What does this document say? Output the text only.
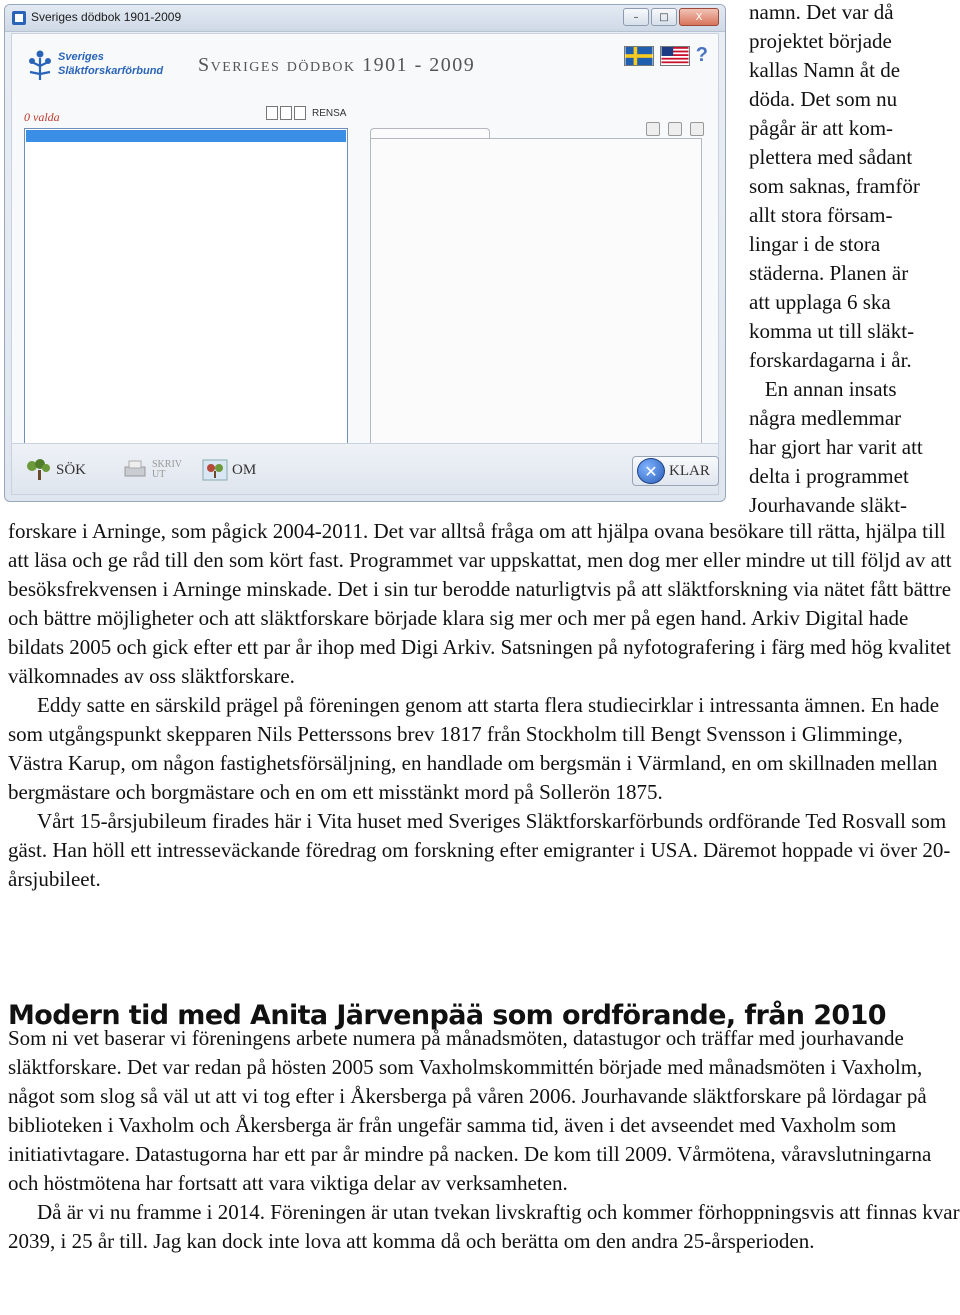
Sveriges dödbok 1901-2009	–	□	X
Sveriges
Släktforskarförbund Sveriges dödbok 1901 - 2009	?
0 valda	RENSA
SÖK	SKRIV
UT	OM	✕ KLAR

namn. Det var då

projektet började

kallas Namn åt de

döda. Det som nu

pågår är att kom-

plettera med sådant

som saknas, framför

allt stora försam-

lingar i de stora

städerna. Planen är

att upplaga 6 ska

komma ut till släkt-

forskardagarna i år.

En annan insats

några medlemmar

har gjort har varit att

delta i programmet

Jourhavande släkt-

forskare i Arninge, som pågick 2004-2011. Det var alltså fråga om att hjälpa ovana besökare till rätta, hjälpa till att läsa och ge råd till den som kört fast. Programmet var uppskattat, men dog mer eller mindre ut till följd av att besöksfrekvensen i Arninge minskade. Det i sin tur berodde naturligtvis på att släktforskning via nätet fått bättre och bättre möjligheter och att släktforskare började klara sig mer och mer på egen hand. Arkiv Digital hade bildats 2005 och gick efter ett par år ihop med Digi Arkiv. Satsningen på nyfotografering i färg med hög kvalitet välkomnades av oss släktforskare.

Eddy satte en särskild prägel på föreningen genom att starta flera studiecirklar i intressanta ämnen. En hade som utgångspunkt skepparen Nils Petterssons brev 1817 från Stockholm till Bengt Svensson i Glimminge, Västra Karup, om någon fastighetsförsäljning, en handlade om bergsmän i Värmland, en om skillnaden mellan bergmästare och borgmästare och en om ett misstänkt mord på Sollerön 1875.

Vårt 15-årsjubileum firades här i Vita huset med Sveriges Släktforskarförbunds ordförande Ted Rosvall som gäst. Han höll ett intresseväckande föredrag om forskning efter emigranter i USA. Däremot hoppade vi över 20-årsjubileet.

Modern tid med Anita Järvenpää som ordförande, från 2010

Som ni vet baserar vi föreningens arbete numera på månadsmöten, datastugor och träffar med jourhavande släktforskare. Det var redan på hösten 2005 som Vaxholmskommittén började med månadsmöten i Vaxholm, något som slog så väl ut att vi tog efter i Åkersberga på våren 2006. Jourhavande släktforskare på lördagar på biblioteken i Vaxholm och Åkersberga är från ungefär samma tid, även i det avseendet med Vaxholm som initiativtagare. Datastugorna har ett par år mindre på nacken. De kom till 2009. Vårmötena, våravslutningarna och höstmötena har fortsatt att vara viktiga delar av verksamheten.

Då är vi nu framme i 2014. Föreningen är utan tvekan livskraftig och kommer förhoppningsvis att finnas kvar 2039, i 25 år till. Jag kan dock inte lova att komma då och berätta om den andra 25-årsperioden.
